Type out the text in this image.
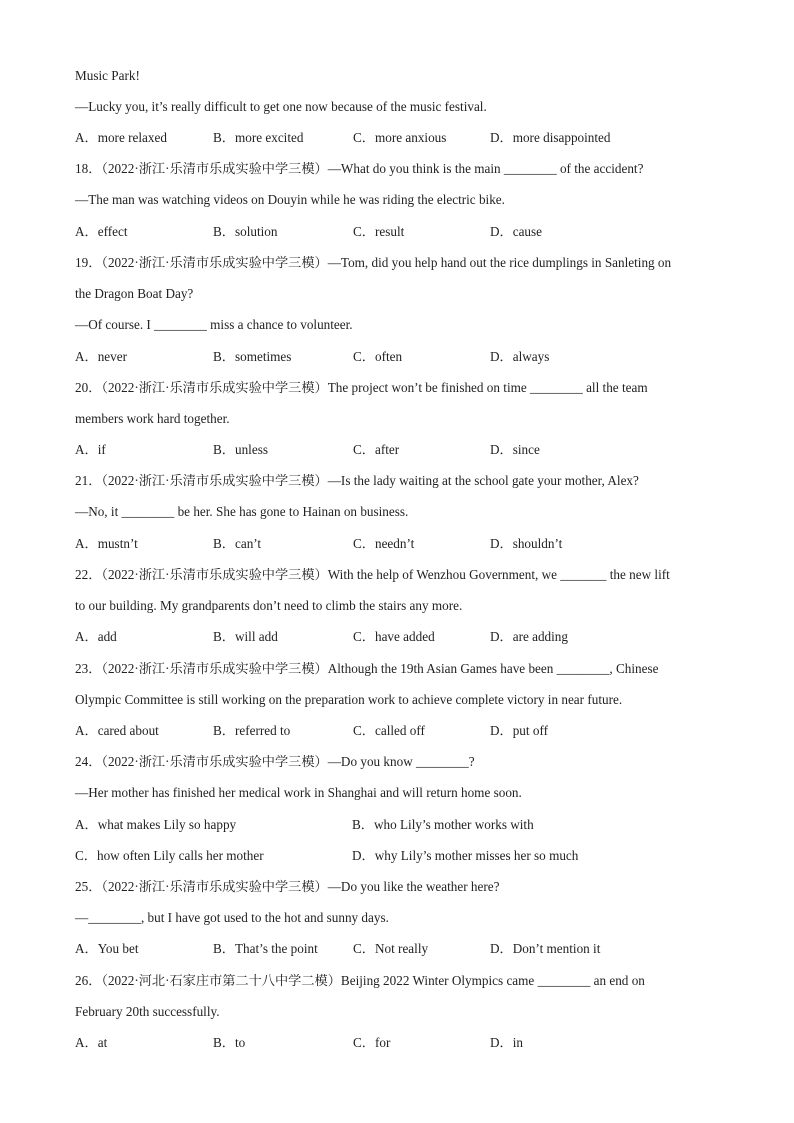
Music Park!
—Lucky you, it’s really difficult to get one now because of the music festival.
A．more relaxed	B．more excited	C．more anxious	D．more disappointed
18．（2022·浙江·乐清市乐成实验中学三模）—What do you think is the main ________ of the accident?
—The man was watching videos on Douyin while he was riding the electric bike.
A．effect	B．solution	C．result	D．cause
19．（2022·浙江·乐清市乐成实验中学三模）—Tom, did you help hand out the rice dumplings in Sanleting on
the Dragon Boat Day?
—Of course. I ________ miss a chance to volunteer.
A．never	B．sometimes	C．often	D．always
20．（2022·浙江·乐清市乐成实验中学三模）The project won’t be finished on time ________ all the team
members work hard together.
A．if	B．unless	C．after	D．since
21．（2022·浙江·乐清市乐成实验中学三模）—Is the lady waiting at the school gate your mother, Alex?
—No, it ________ be her. She has gone to Hainan on business.
A．mustn’t	B．can’t	C．needn’t	D．shouldn’t
22．（2022·浙江·乐清市乐成实验中学三模）With the help of Wenzhou Government, we _______ the new lift
to our building. My grandparents don’t need to climb the stairs any more.
A．add	B．will add	C．have added	D．are adding
23．（2022·浙江·乐清市乐成实验中学三模）Although the 19th Asian Games have been ________, Chinese
Olympic Committee is still working on the preparation work to achieve complete victory in near future.
A．cared about	B．referred to	C．called off	D．put off
24．（2022·浙江·乐清市乐成实验中学三模）—Do you know ________?
—Her mother has finished her medical work in Shanghai and will return home soon.
A．what makes Lily so happy	B．who Lily’s mother works with
C．how often Lily calls her mother	D．why Lily’s mother misses her so much
25．（2022·浙江·乐清市乐成实验中学三模）—Do you like the weather here?
—________, but I have got used to the hot and sunny days.
A．You bet	B．That’s the point	C．Not really	D．Don’t mention it
26．（2022·河北·石家庄市第二十八中学二模）Beijing 2022 Winter Olympics came ________ an end on
February 20th successfully.
A．at	B．to	C．for	D．in
